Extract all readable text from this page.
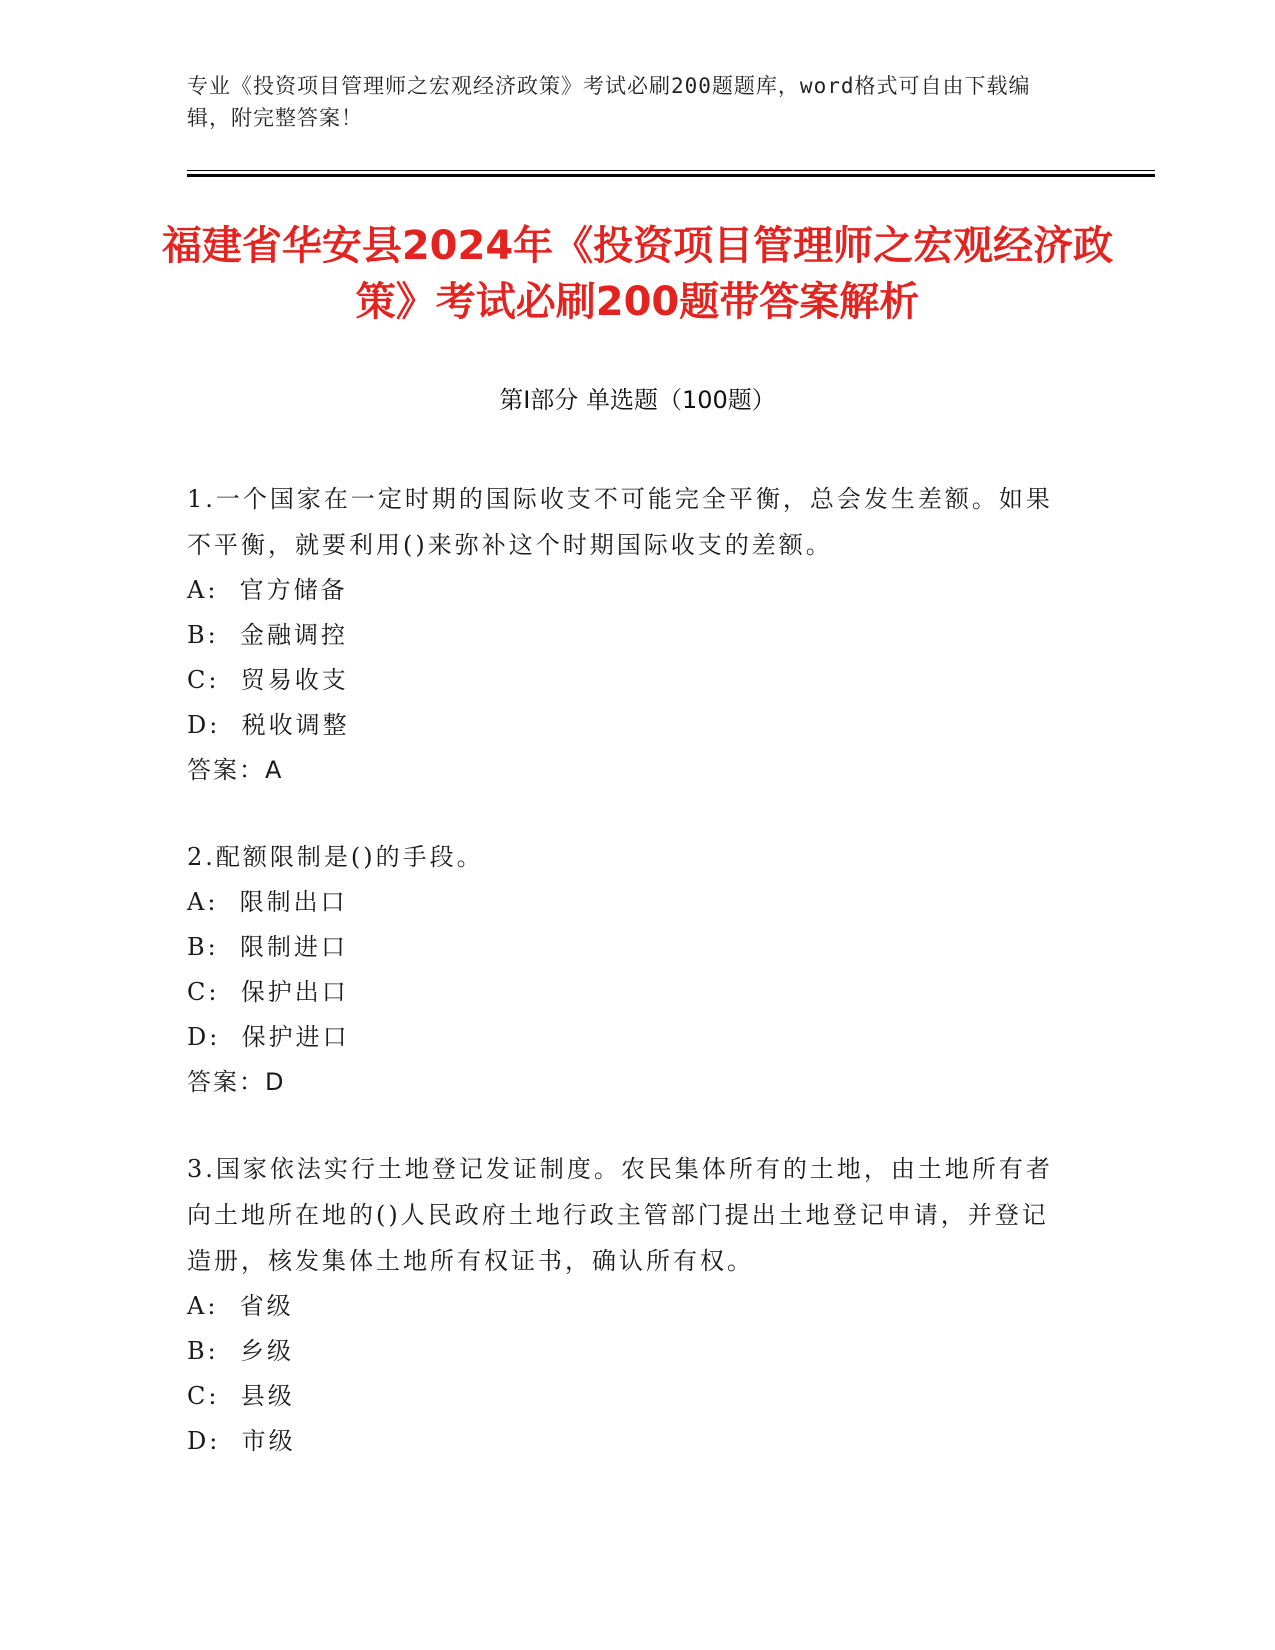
专业《投资项目管理师之宏观经济政策》考试必刷200题题库，word格式可自由下载编辑，附完整答案！
福建省华安县2024年《投资项目管理师之宏观经济政策》考试必刷200题带答案解析
第Ⅰ部分 单选题（100题）
1.一个国家在一定时期的国际收支不可能完全平衡，总会发生差额。如果不平衡，就要利用()来弥补这个时期国际收支的差额。
A:  官方储备
B:  金融调控
C:  贸易收支
D:  税收调整
答案：A
2.配额限制是()的手段。
A:  限制出口
B:  限制进口
C:  保护出口
D:  保护进口
答案：D
3.国家依法实行土地登记发证制度。农民集体所有的土地，由土地所有者向土地所在地的()人民政府土地行政主管部门提出土地登记申请，并登记造册，核发集体土地所有权证书，确认所有权。
A:  省级
B:  乡级
C:  县级
D:  市级
